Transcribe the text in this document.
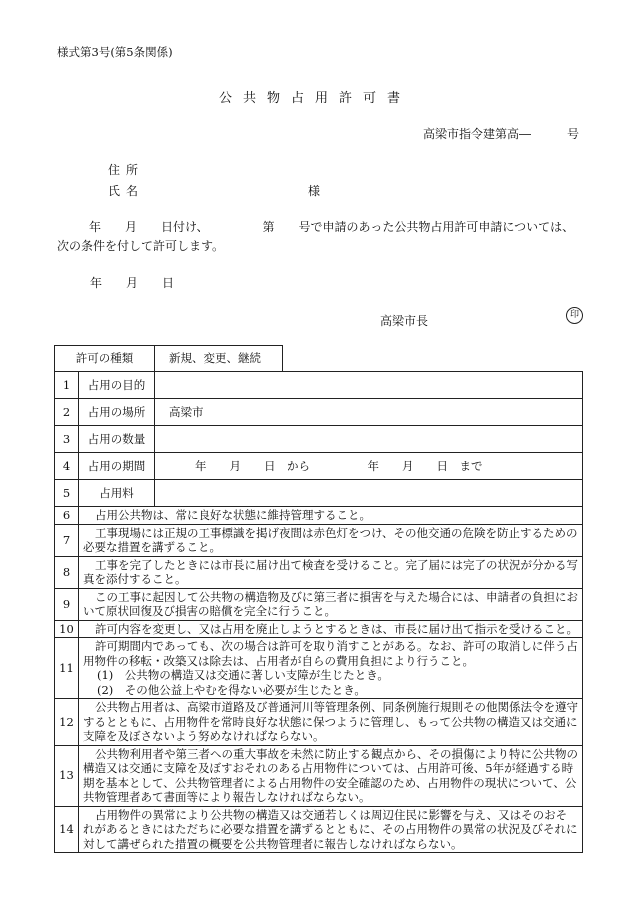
様式第3号(第5条関係)
公共物占用許可書
高梁市指令建第高―	号
住所
氏名	様
年　　月　　日付け、　　　　　第　　号で申請のあった公共物占用許可申請については、次の条件を付して許可します。
年　　月　　日
高梁市長	印
許可の種類		新規、変更、継続	
1	占用の目的		
2	占用の場所	高梁市	
3	占用の数量		
4	占用の期間	年　　月　　日　から　　　　　年　　月　　日　まで	
5	占用料		
6	占用公共物は、常に良好な状態に維持管理すること。		

7	工事現場には正規の工事標識を掲げ夜間は赤色灯をつけ、その他交通の危険を防止するための必要な措置を講ずること。		

8	工事を完了したときには市長に届け出て検査を受けること。完了届には完了の状況が分かる写真を添付すること。		

9	この工事に起因して公共物の構造物及びに第三者に損害を与えた場合には、申請者の負担において原状回復及び損害の賠償を完全に行うこと。		

10	許可内容を変更し、又は占用を廃止しようとするときは、市長に届け出て指示を受けること。		

11	許可期間内であっても、次の場合は許可を取り消すことがある。なお、許可の取消しに伴う占用物件の移転・改築又は除去は、占用者が自らの費用負担により行うこと。
(1)　公共物の構造又は交通に著しい支障が生じたとき。
(2)　その他公益上やむを得ない必要が生じたとき。		

12	公共物占用者は、高梁市道路及び普通河川等管理条例、同条例施行規則その他関係法令を遵守するとともに、占用物件を常時良好な状態に保つように管理し、もって公共物の構造又は交通に支障を及ぼさないよう努めなければならない。		

13	公共物利用者や第三者への重大事故を未然に防止する観点から、その損傷により特に公共物の構造又は交通に支障を及ぼすおそれのある占用物件については、占用許可後、5年が経過する時期を基本として、公共物管理者による占用物件の安全確認のため、占用物件の現状について、公共物管理者あて書面等により報告しなければならない。		

14	占用物件の異常により公共物の構造又は交通若しくは周辺住民に影響を与え、又はそのおそれがあるときにはただちに必要な措置を講ずるとともに、その占用物件の異常の状況及びそれに対して講ぜられた措置の概要を公共物管理者に報告しなければならない。		
